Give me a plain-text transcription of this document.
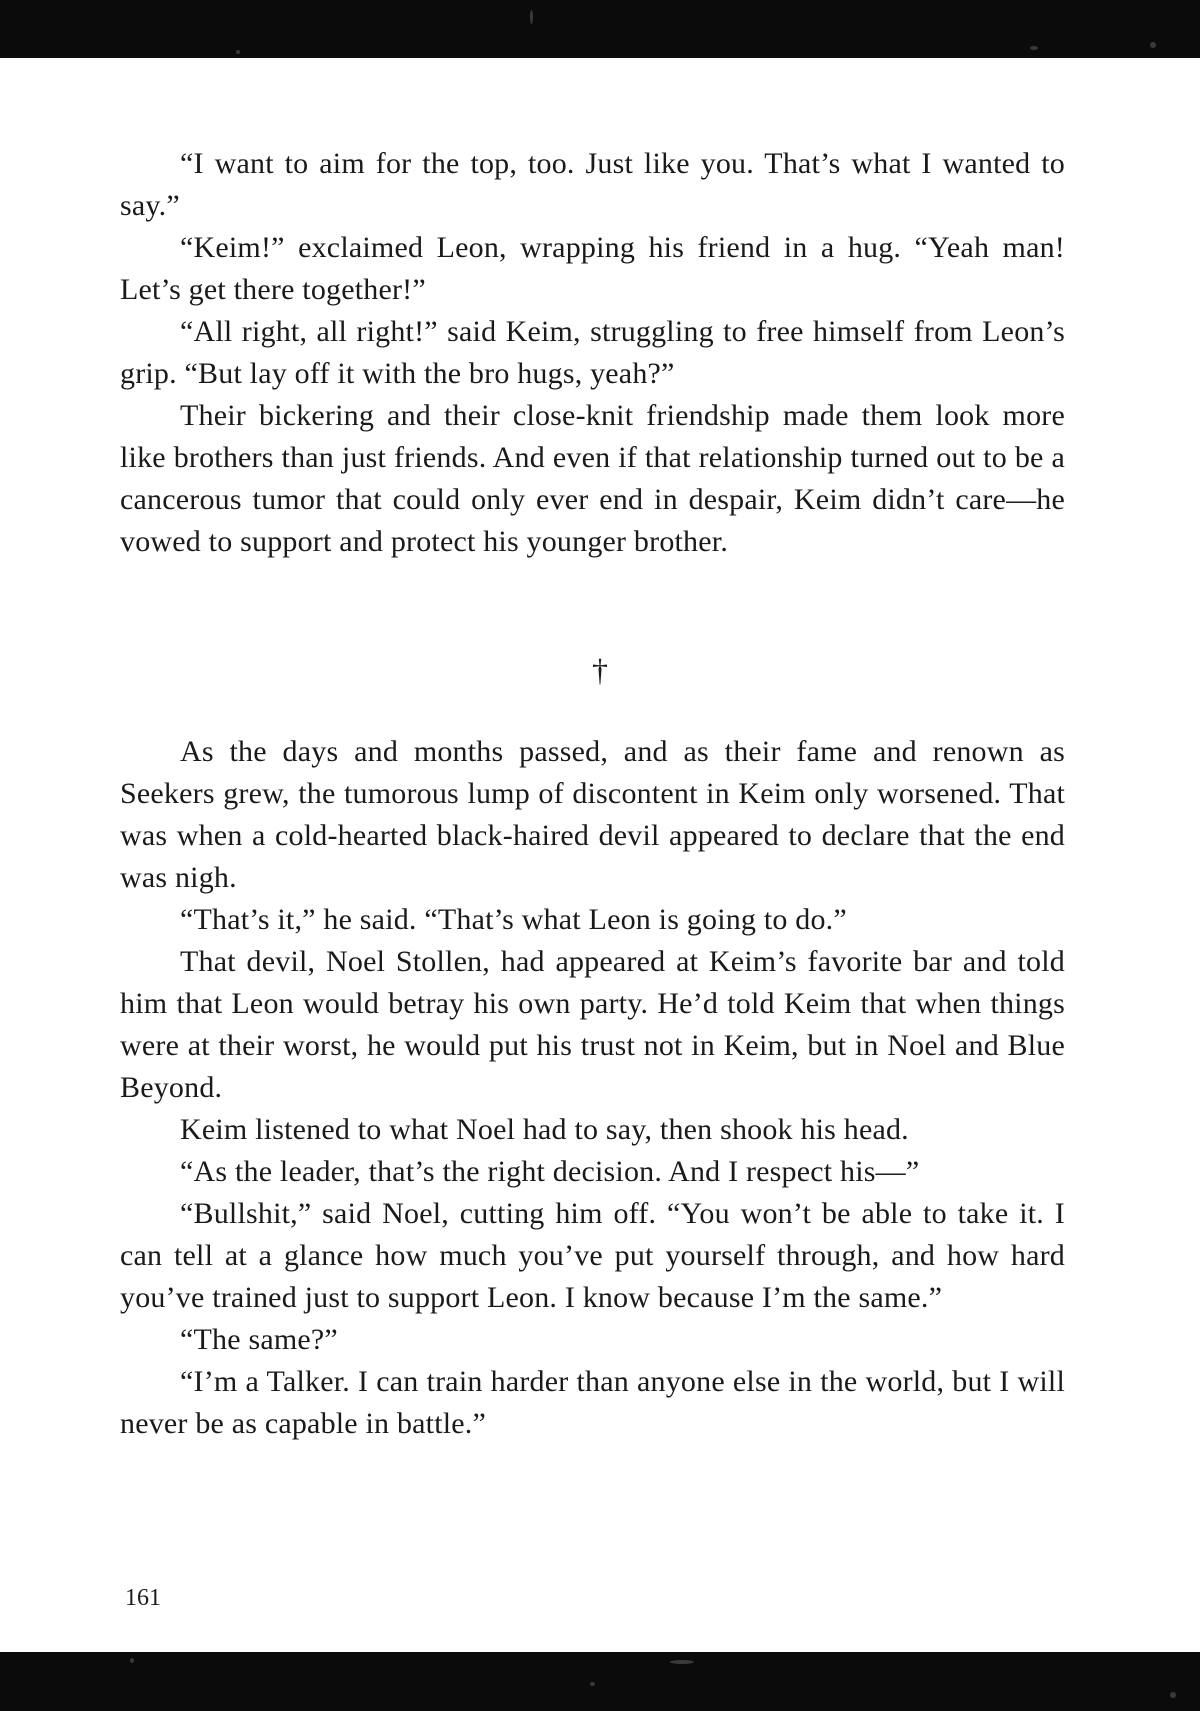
“I want to aim for the top, too. Just like you. That’s what I wanted to say.”

“Keim!” exclaimed Leon, wrapping his friend in a hug. “Yeah man! Let’s get there together!”

“All right, all right!” said Keim, struggling to free himself from Leon’s grip. “But lay off it with the bro hugs, yeah?”

Their bickering and their close-knit friendship made them look more like brothers than just friends. And even if that relationship turned out to be a cancerous tumor that could only ever end in despair, Keim didn’t care—he vowed to support and protect his younger brother.

†

As the days and months passed, and as their fame and renown as Seekers grew, the tumorous lump of discontent in Keim only worsened. That was when a cold-hearted black-haired devil appeared to declare that the end was nigh.

“That’s it,” he said. “That’s what Leon is going to do.”

That devil, Noel Stollen, had appeared at Keim’s favorite bar and told him that Leon would betray his own party. He’d told Keim that when things were at their worst, he would put his trust not in Keim, but in Noel and Blue Beyond.

Keim listened to what Noel had to say, then shook his head.

“As the leader, that’s the right decision. And I respect his—”

“Bullshit,” said Noel, cutting him off. “You won’t be able to take it. I can tell at a glance how much you’ve put yourself through, and how hard you’ve trained just to support Leon. I know because I’m the same.”

“The same?”

“I’m a Talker. I can train harder than anyone else in the world, but I will never be as capable in battle.”

161
